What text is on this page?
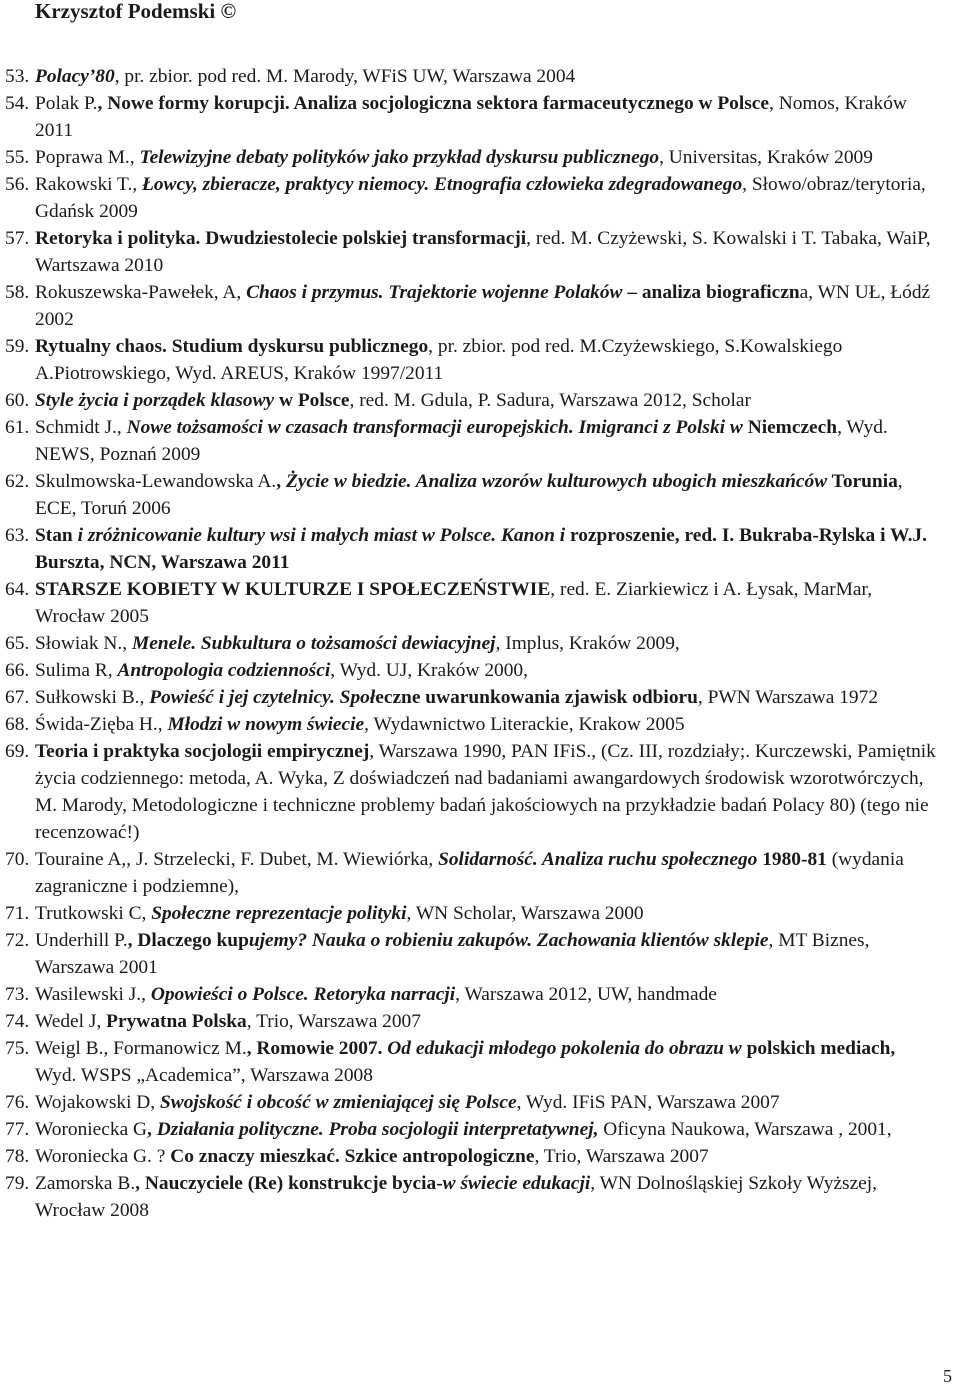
Krzysztof Podemski ©
53. Polacy’80, pr. zbior. pod red. M. Marody, WFiS UW, Warszawa 2004
54. Polak P., Nowe formy korupcji. Analiza socjologiczna sektora farmaceutycznego w Polsce, Nomos, Kraków 2011
55. Poprawa M., Telewizyjne debaty polityków jako przykład dyskursu publicznego, Universitas, Kraków 2009
56. Rakowski T., Łowcy, zbieracze, praktycy niemocy. Etnografia człowieka zdegradowanego, Słowo/obraz/terytoria, Gdańsk 2009
57. Retoryka i polityka. Dwudziestolecie polskiej transformacji, red. M. Czyżewski, S. Kowalski i T. Tabaka, WaiP, Wartszawa 2010
58. Rokuszewska-Pawełek, A, Chaos i przymus. Trajektorie wojenne Polaków – analiza biograficzna, WN UŁ, Łódź 2002
59. Rytualny chaos. Studium dyskursu publicznego, pr. zbior. pod red. M.Czyżewskiego, S.Kowalskiego A.Piotrowskiego, Wyd. AREUS, Kraków 1997/2011
60. Style życia i porządek klasowy w Polsce, red. M. Gdula, P. Sadura, Warszawa 2012, Scholar
61. Schmidt J., Nowe tożsamości w czasach transformacji europejskich. Imigranci z Polski w Niemczech, Wyd. NEWS, Poznań 2009
62. Skulmowska-Lewandowska A., Życie w biedzie. Analiza wzorów kulturowych ubogich mieszkańców Torunia, ECE, Toruń 2006
63. Stan i zróżnicowanie kultury wsi i małych miast w Polsce. Kanon i rozproszenie, red. I. Bukraba-Rylska i W.J. Burszta, NCN, Warszawa 2011
64. STARSZE KOBIETY W KULTURZE I SPOŁECZEŃSTWIE, red. E. Ziarkiewicz i A. Łysak, MarMar, Wrocław 2005
65. Słowiak N., Menele. Subkultura o tożsamości dewiacyjnej, Implus, Kraków 2009,
66. Sulima R, Antropologia codzienności, Wyd. UJ, Kraków 2000,
67. Sułkowski B., Powieść i jej czytelnicy. Społeczne uwarunkowania zjawisk odbioru, PWN Warszawa 1972
68. Świda-Zięba H., Młodzi w nowym świecie, Wydawnictwo Literackie, Krakow 2005
69. Teoria i praktyka socjologii empirycznej, Warszawa 1990, PAN IFiS., (Cz. III, rozdziały;. Kurczewski, Pamiętnik życia codziennego: metoda, A. Wyka, Z doświadczeń nad badaniami awangardowych środowisk wzorotwórczych, M. Marody, Metodologiczne i techniczne problemy badań jakościowych na przykładzie badań Polacy 80) (tego nie recenzować!)
70. Touraine A,, J. Strzelecki, F. Dubet, M. Wiewiórka, Solidarność. Analiza ruchu społecznego 1980-81 (wydania zagraniczne i podziemne),
71. Trutkowski C, Społeczne reprezentacje polityki, WN Scholar, Warszawa 2000
72. Underhill P., Dlaczego kupujemy? Nauka o robieniu zakupów. Zachowania klientów sklepie, MT Biznes, Warszawa 2001
73. Wasilewski J., Opowieści o Polsce. Retoryka narracji, Warszawa 2012, UW, handmade
74. Wedel J, Prywatna Polska, Trio, Warszawa 2007
75. Weigl B., Formanowicz M., Romowie 2007. Od edukacji młodego pokolenia do obrazu w polskich mediach, Wyd. WSPS „Academica”, Warszawa 2008
76. Wojakowski D, Swojskość i obcość w zmieniającej się Polsce, Wyd. IFiS PAN, Warszawa 2007
77. Woroniecka G, Działania polityczne. Proba socjologii interpretatywnej, Oficyna Naukowa, Warszawa , 2001,
78. Woroniecka G. ? Co znaczy mieszkać. Szkice antropologiczne, Trio, Warszawa 2007
79. Zamorska B., Nauczyciele (Re) konstrukcje bycia-w świecie edukacji, WN Dolnośląskiej Szkoły Wyższej, Wrocław 2008
5
